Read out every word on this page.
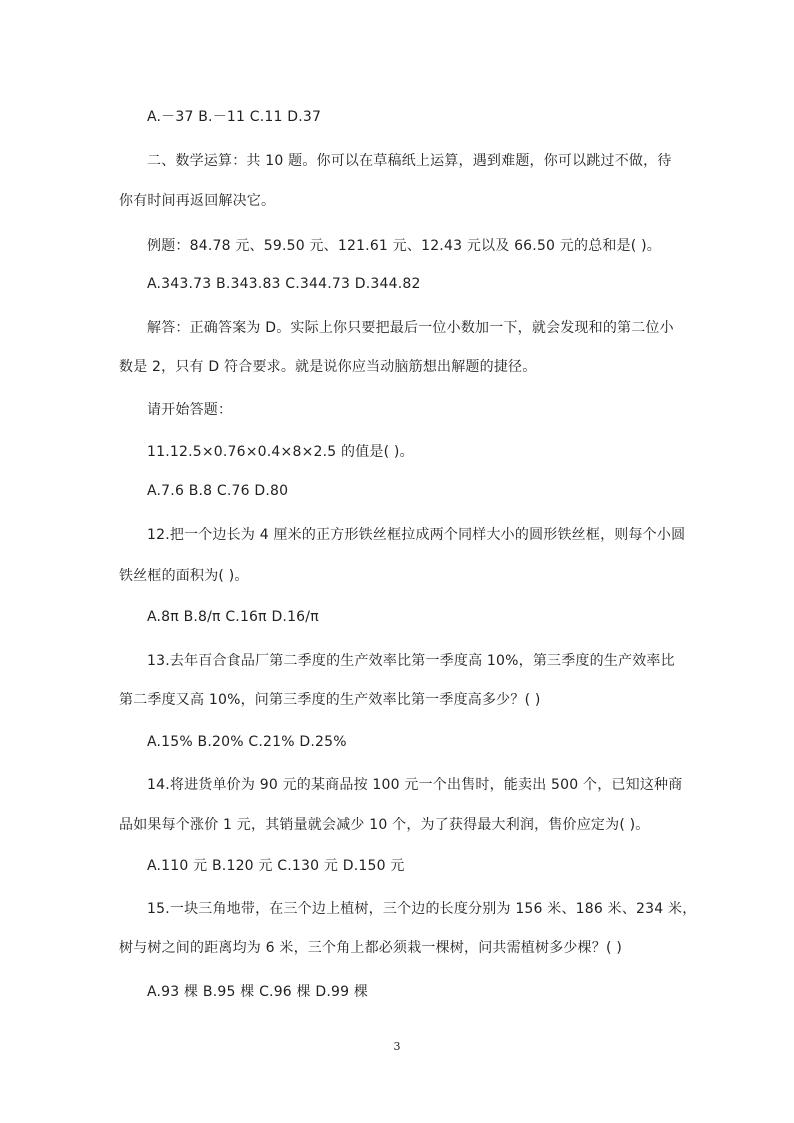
A.－37 B.－11 C.11 D.37
二、数学运算：共 10 题。你可以在草稿纸上运算，遇到难题，你可以跳过不做，待
你有时间再返回解决它。
例题：84.78 元、59.50 元、121.61 元、12.43 元以及 66.50 元的总和是( )。
A.343.73 B.343.83 C.344.73 D.344.82
解答：正确答案为 D。实际上你只要把最后一位小数加一下，就会发现和的第二位小
数是 2，只有 D 符合要求。就是说你应当动脑筋想出解题的捷径。
请开始答题：
11.12.5×0.76×0.4×8×2.5 的值是( )。
A.7.6 B.8 C.76 D.80
12.把一个边长为 4 厘米的正方形铁丝框拉成两个同样大小的圆形铁丝框，则每个小圆
铁丝框的面积为( )。
A.8π B.8/π C.16π D.16/π
13.去年百合食品厂第二季度的生产效率比第一季度高 10%，第三季度的生产效率比
第二季度又高 10%，问第三季度的生产效率比第一季度高多少？( )
A.15% B.20% C.21% D.25%
14.将进货单价为 90 元的某商品按 100 元一个出售时，能卖出 500 个，已知这种商
品如果每个涨价 1 元，其销量就会减少 10 个，为了获得最大利润，售价应定为( )。
A.110 元 B.120 元 C.130 元 D.150 元
15.一块三角地带，在三个边上植树，三个边的长度分别为 156 米、186 米、234 米，
树与树之间的距离均为 6 米，三个角上都必须栽一棵树，问共需植树多少棵？( )
A.93 棵 B.95 棵 C.96 棵 D.99 棵
3
